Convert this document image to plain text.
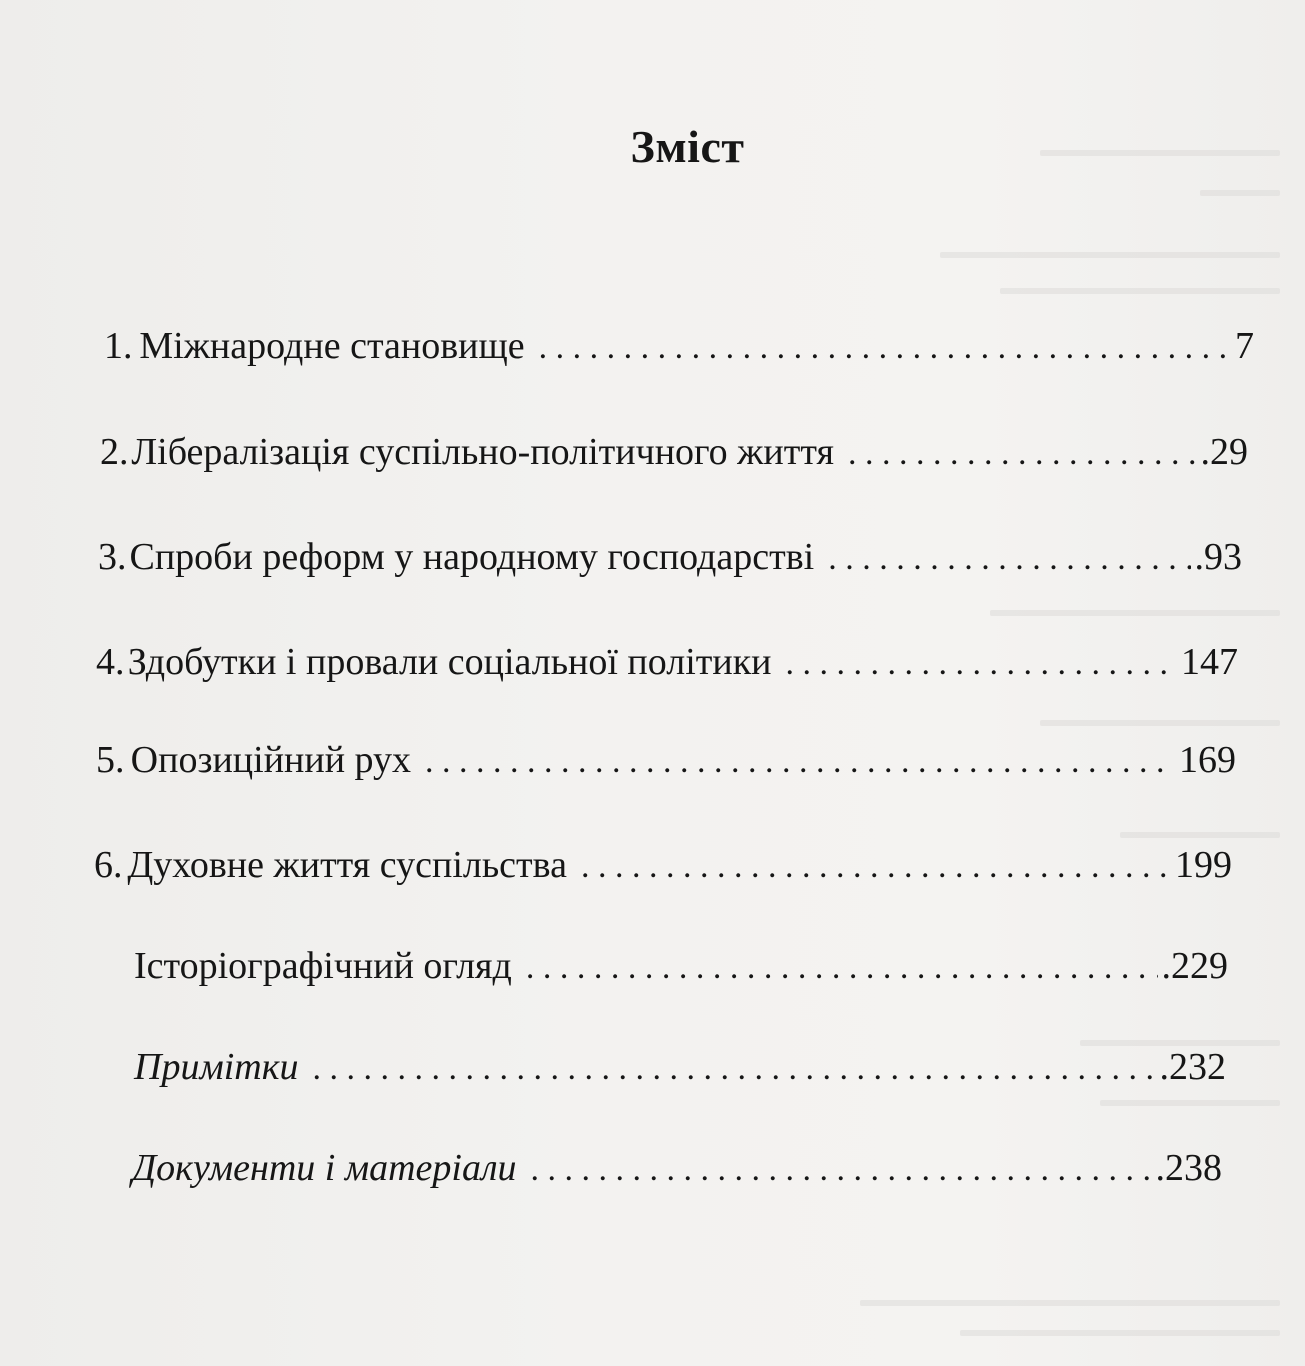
Зміст
1. Міжнародне становище . . .	7
2. Лібералізація суспільно-політичного життя . . .	.29
3. Спроби реформ у народному господарстві . . .	.93
4. Здобутки і провали соціальної політики . . .	147
5. Опозиційний рух . . .	169
6. Духовне життя суспільства . . .	199
Історіографічний огляд . . .	.229
Примітки . . .	.232
Документи і матеріали . . .	.238
